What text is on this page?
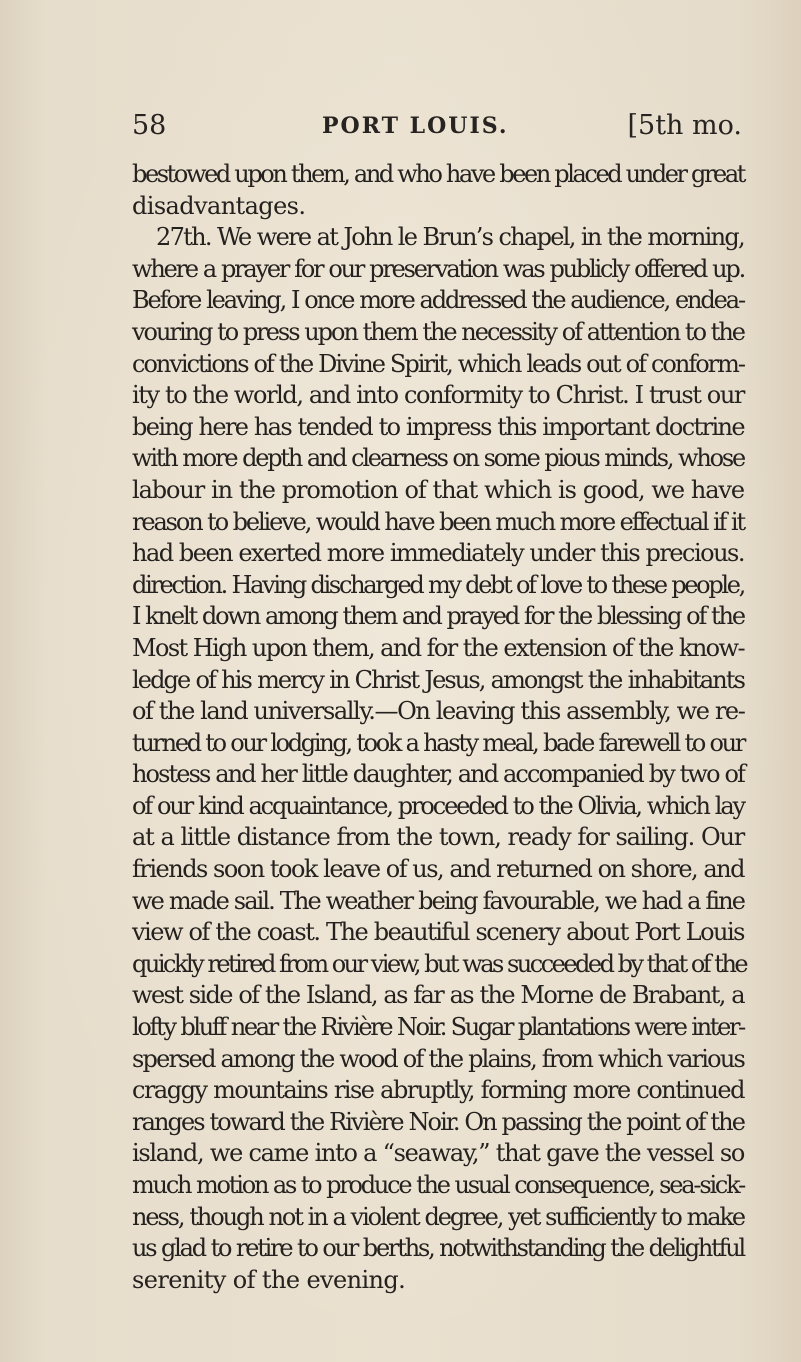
58	PORT LOUIS.	[5th mo.
bestowed upon them, and who have been placed under great
disadvantages.
27th. We were at John le Brun’s chapel, in the morning,
where a prayer for our preservation was publicly offered up.
Before leaving, I once more addressed the audience, endea-
vouring to press upon them the necessity of attention to the
convictions of the Divine Spirit, which leads out of conform-
ity to the world, and into conformity to Christ. I trust our
being here has tended to impress this important doctrine
with more depth and clearness on some pious minds, whose
labour in the promotion of that which is good, we have
reason to believe, would have been much more effectual if it
had been exerted more immediately under this precious.
direction. Having discharged my debt of love to these people,
I knelt down among them and prayed for the blessing of the
Most High upon them, and for the extension of the know-
ledge of his mercy in Christ Jesus, amongst the inhabitants
of the land universally.—On leaving this assembly, we re-
turned to our lodging, took a hasty meal, bade farewell to our
hostess and her little daughter, and accompanied by two of
of our kind acquaintance, proceeded to the Olivia, which lay
at a little distance from the town, ready for sailing. Our
friends soon took leave of us, and returned on shore, and
we made sail. The weather being favourable, we had a fine
view of the coast. The beautiful scenery about Port Louis
quickly retired from our view, but was succeeded by that of the
west side of the Island, as far as the Morne de Brabant, a
lofty bluff near the Rivière Noir. Sugar plantations were inter-
spersed among the wood of the plains, from which various
craggy mountains rise abruptly, forming more continued
ranges toward the Rivière Noir. On passing the point of the
island, we came into a “seaway,” that gave the vessel so
much motion as to produce the usual consequence, sea-sick-
ness, though not in a violent degree, yet sufficiently to make
us glad to retire to our berths, notwithstanding the delightful
serenity of the evening.
